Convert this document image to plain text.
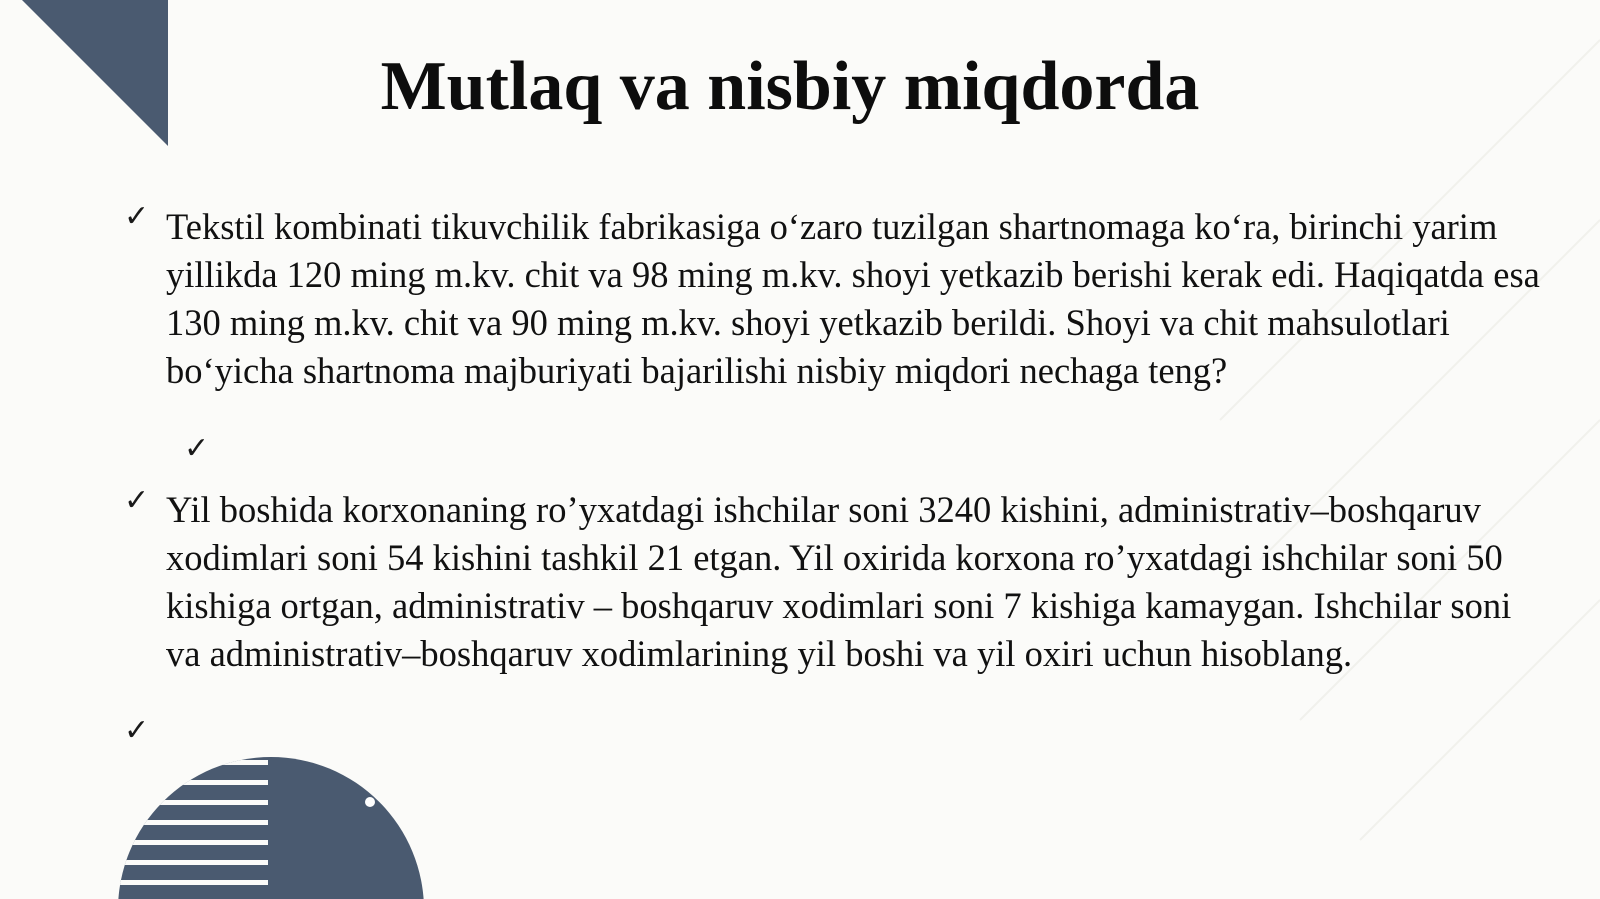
Mutlaq va nisbiy miqdorda
✓ Tekstil kombinati tikuvchilik fabrikasiga o‘zaro tuzilgan shartnomaga ko‘ra, birinchi yarim yillikda 120 ming m.kv. chit va 98 ming m.kv. shoyi yetkazib berishi kerak edi. Haqiqatda esa 130 ming m.kv. chit va 90 ming m.kv. shoyi yetkazib berildi. Shoyi va chit mahsulotlari bo‘yicha shartnoma majburiyati bajarilishi nisbiy miqdori nechaga teng?

✓
✓ Yil boshida korxonaning ro’yxatdagi ishchilar soni 3240 kishini, administrativ–boshqaruv xodimlari soni 54 kishini tashkil 21 etgan. Yil oxirida korxona ro’yxatdagi ishchilar soni 50 kishiga ortgan, administrativ – boshqaruv xodimlari soni 7 kishiga kamaygan. Ishchilar soni va administrativ–boshqaruv xodimlarining yil boshi va yil oxiri uchun hisoblang.

✓
